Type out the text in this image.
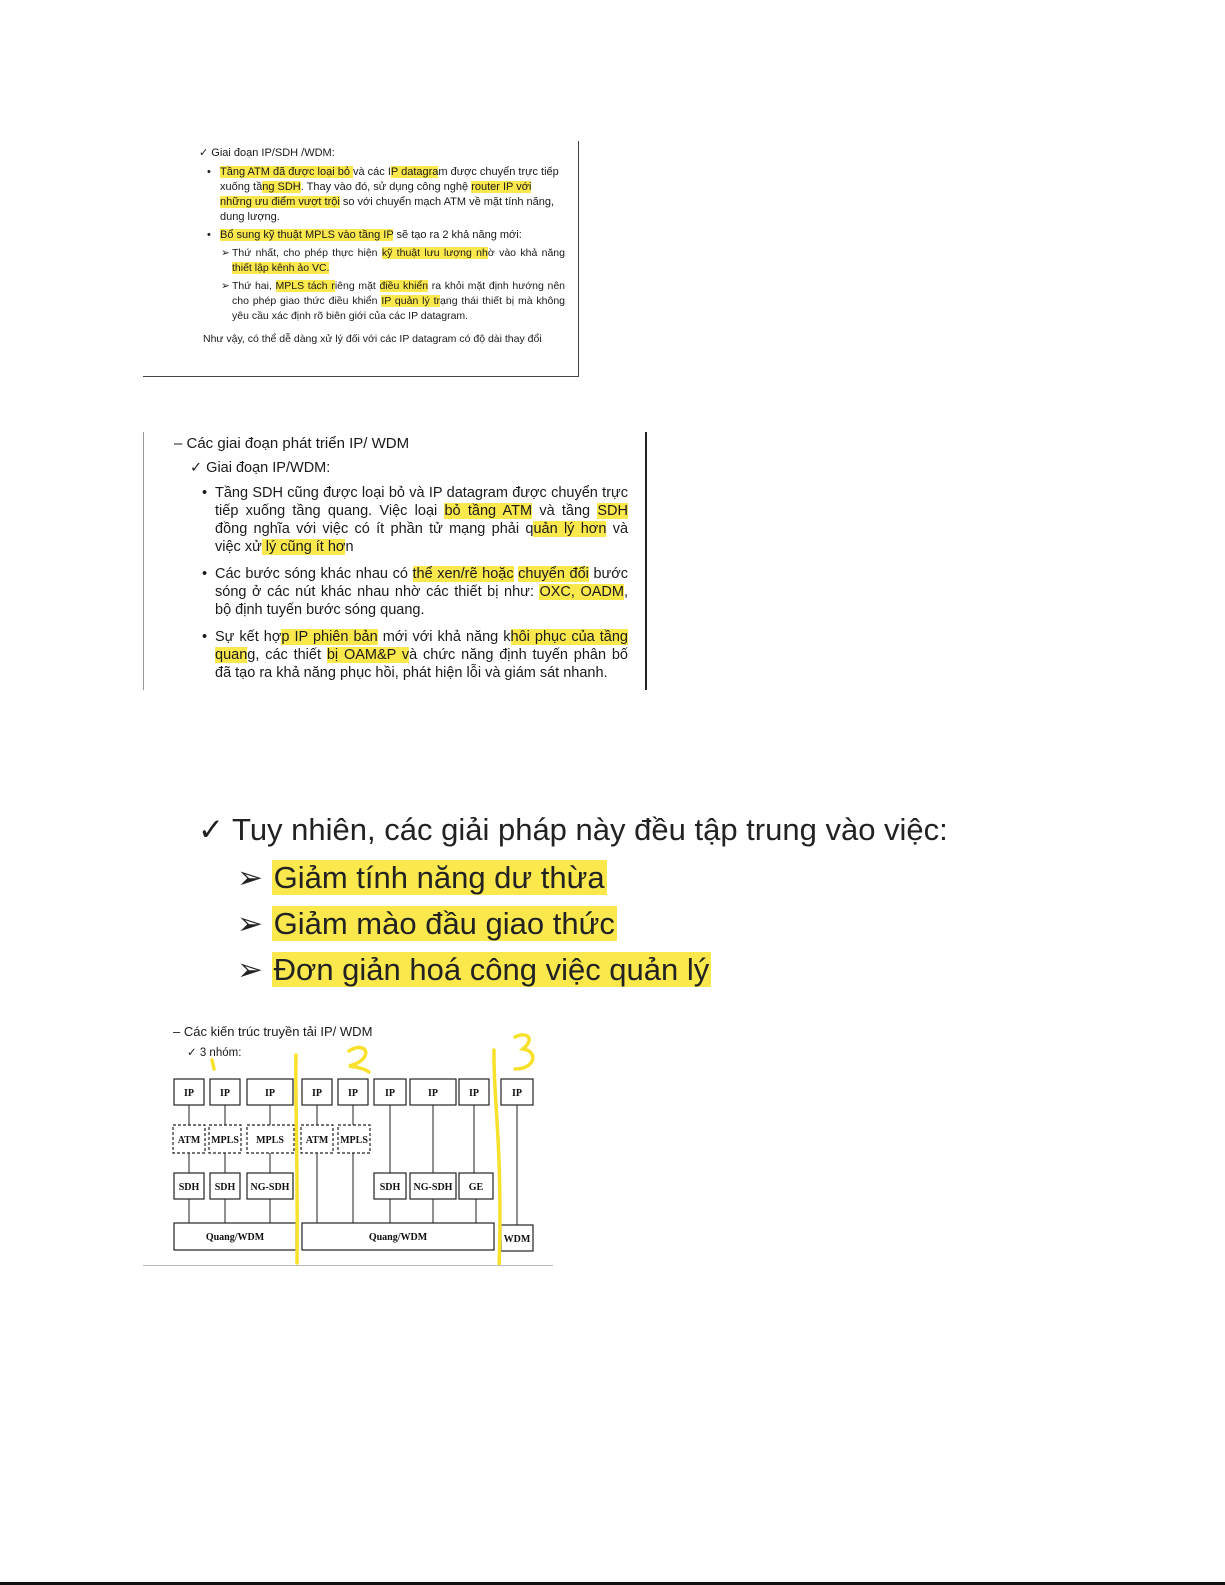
✓ Giai đoạn IP/SDH /WDM:
• Tầng ATM đã được loại bỏ và các IP datagram được chuyển trực tiếp xuống tầng SDH. Thay vào đó, sử dụng công nghệ router IP với những ưu điểm vượt trội so với chuyển mạch ATM về mặt tính năng, dung lượng.
• Bổ sung kỹ thuật MPLS vào tầng IP sẽ tạo ra 2 khả năng mới:
➢ Thứ nhất, cho phép thực hiện kỹ thuật lưu lượng nhờ vào khả năng thiết lập kênh ảo VC.
➢ Thứ hai, MPLS tách riêng mặt điều khiển ra khỏi mặt định hướng nên cho phép giao thức điều khiển IP quản lý trạng thái thiết bị mà không yêu cầu xác định rõ biên giới của các IP datagram.
Như vậy, có thể dễ dàng xử lý đối với các IP datagram có độ dài thay đổi
– Các giai đoạn phát triển IP/ WDM
✓ Giai đoạn IP/WDM:
• Tầng SDH cũng được loại bỏ và IP datagram được chuyển trực tiếp xuống tầng quang. Việc loại bỏ tầng ATM và tầng SDH đồng nghĩa với việc có ít phần tử mạng phải quản lý hơn và việc xử lý cũng ít hơn
• Các bước sóng khác nhau có thể xen/rẽ hoặc chuyển đổi bước sóng ở các nút khác nhau nhờ các thiết bị như: OXC, OADM, bộ định tuyến bước sóng quang.
• Sự kết hợp IP phiên bản mới với khả năng khôi phục của tầng quang, các thiết bị OAM&P và chức năng định tuyến phân bố đã tạo ra khả năng phục hồi, phát hiện lỗi và giám sát nhanh.
✓ Tuy nhiên, các giải pháp này đều tập trung vào việc:
➢ Giảm tính năng dư thừa
➢ Giảm mào đầu giao thức
➢ Đơn giản hoá công việc quản lý
– Các kiến trúc truyền tải IP/ WDM
✓ 3 nhóm:
IP	IP	IP	IP	IP	IP	IP	IP	IP
ATM MPLS MPLS ATM MPLS
SDH SDH NG-SDH	SDH NG-SDH GE
Quang/WDM	Quang/WDM	WDM
